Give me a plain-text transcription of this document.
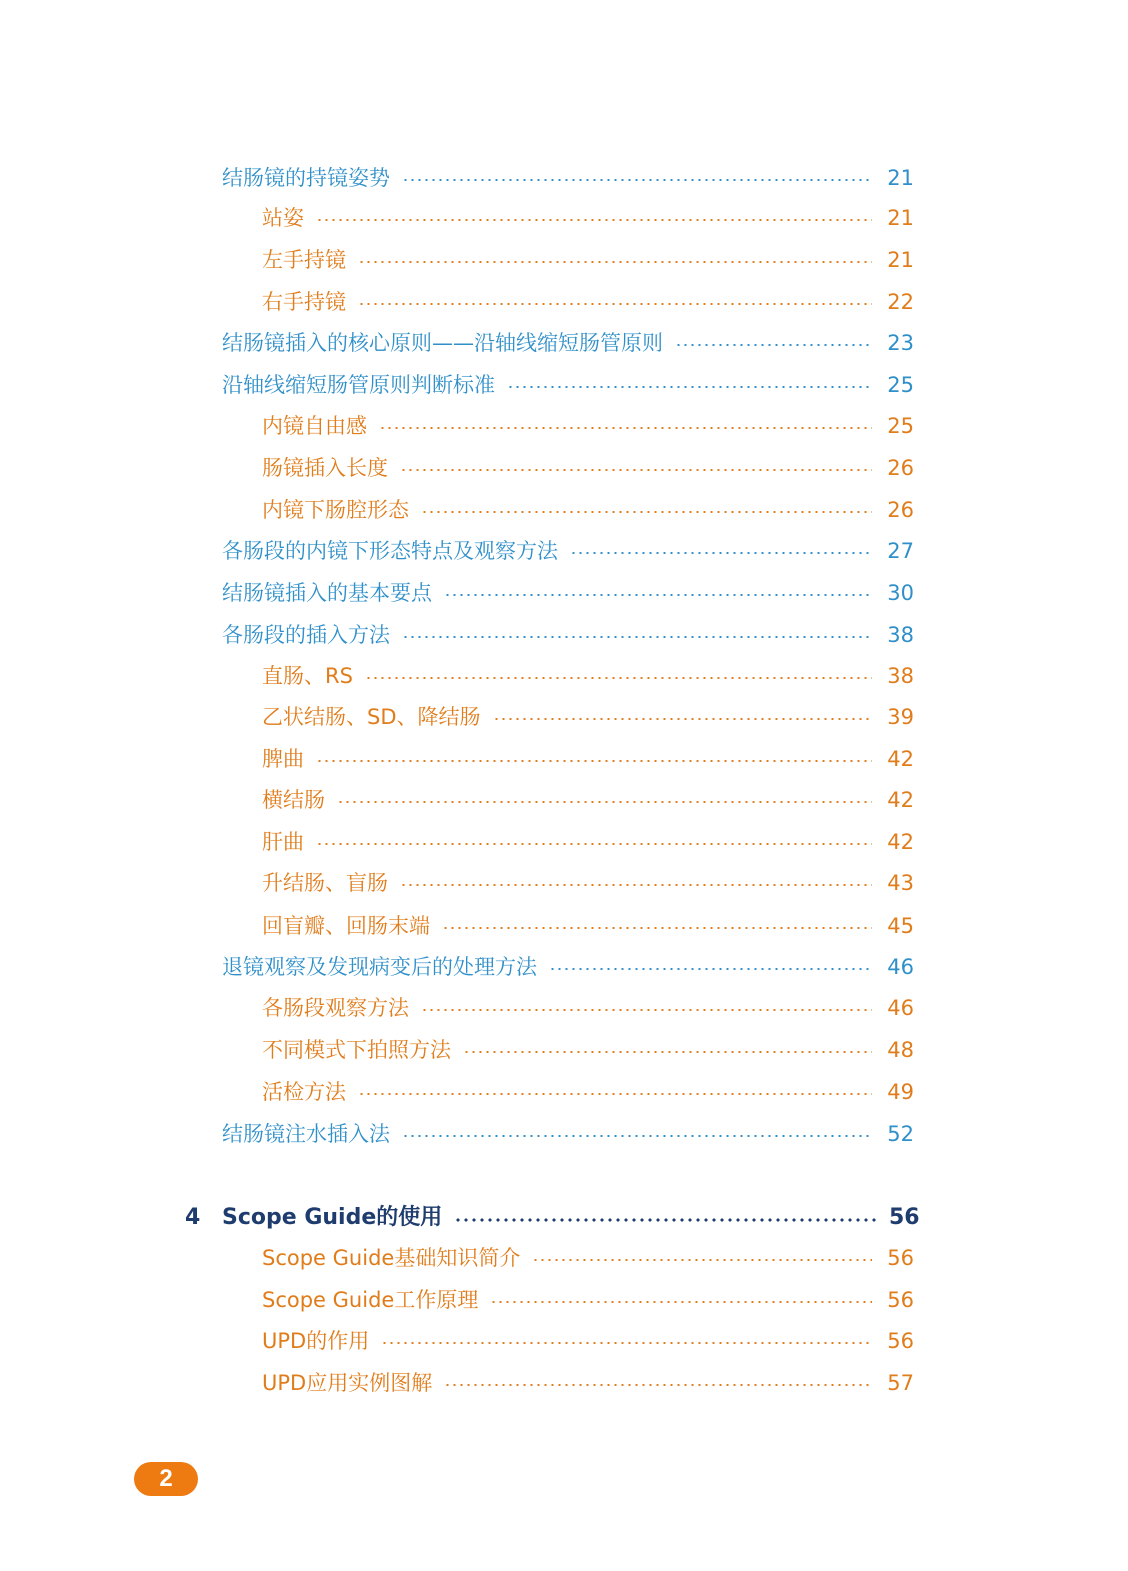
结肠镜的持镜姿势	21
站姿	21
左手持镜	21
右手持镜	22
结肠镜插入的核心原则——沿轴线缩短肠管原则	23
沿轴线缩短肠管原则判断标准	25
内镜自由感	25
肠镜插入长度	26
内镜下肠腔形态	26
各肠段的内镜下形态特点及观察方法	27
结肠镜插入的基本要点	30
各肠段的插入方法	38
直肠、RS	38
乙状结肠、SD、降结肠	39
脾曲	42
横结肠	42
肝曲	42
升结肠、盲肠	43
回盲瓣、回肠末端	45
退镜观察及发现病变后的处理方法	46
各肠段观察方法	46
不同模式下拍照方法	48
活检方法	49
结肠镜注水插入法	52
4 Scope Guide的使用	56
Scope Guide基础知识简介	56
Scope Guide工作原理	56
UPD的作用	56
UPD应用实例图解	57
2
